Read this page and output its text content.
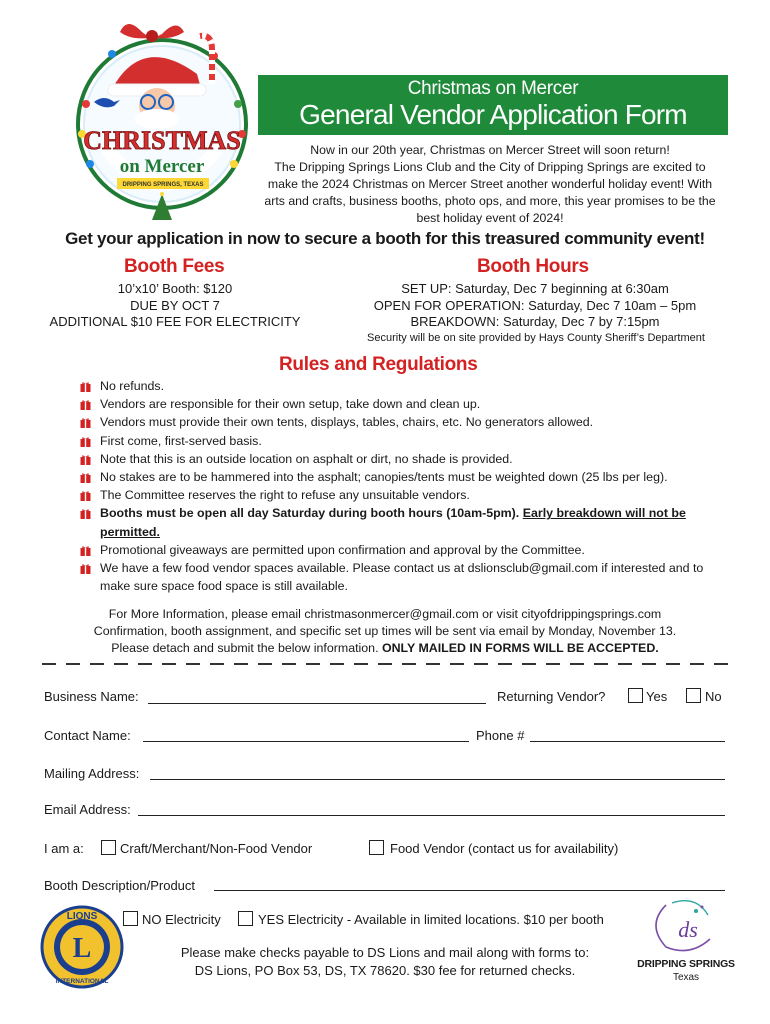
CHRISTMAS
on Mercer
DRIPPING SPRINGS, TEXAS
Christmas on Mercer
General Vendor Application Form
Now in our 20th year, Christmas on Mercer Street will soon return!
The Dripping Springs Lions Club and the City of Dripping Springs are excited to
make the 2024 Christmas on Mercer Street another wonderful holiday event! With
arts and crafts, business booths, photo ops, and more, this year promises to be the
best holiday event of 2024!
Get your application in now to secure a booth for this treasured community event!
Booth Fees	Booth Hours
10’x10’ Booth: $120
DUE BY OCT 7
ADDITIONAL $10 FEE FOR ELECTRICITY
SET UP: Saturday, Dec 7 beginning at 6:30am
OPEN FOR OPERATION: Saturday, Dec 7 10am – 5pm
BREAKDOWN: Saturday, Dec 7 by 7:15pm
Security will be on site provided by Hays County Sheriff’s Department
Rules and Regulations
No refunds.
Vendors are responsible for their own setup, take down and clean up.
Vendors must provide their own tents, displays, tables, chairs, etc. No generators allowed.
First come, first-served basis.
Note that this is an outside location on asphalt or dirt, no shade is provided.
No stakes are to be hammered into the asphalt; canopies/tents must be weighted down (25 lbs per leg).
The Committee reserves the right to refuse any unsuitable vendors.
Booths must be open all day Saturday during booth hours (10am-5pm). Early breakdown will not be permitted.
Promotional giveaways are permitted upon confirmation and approval by the Committee.
We have a few food vendor spaces available. Please contact us at dslionsclub@gmail.com if interested and to make sure space food space is still available.
For More Information, please email christmasonmercer@gmail.com or visit cityofdrippingsprings.com
Confirmation, booth assignment, and specific set up times will be sent via email by Monday, November 13.
Please detach and submit the below information. ONLY MAILED IN FORMS WILL BE ACCEPTED.
Business Name:	Returning Vendor?	Yes	No
Contact Name:	Phone #
Mailing Address:
Email Address:
I am a:	Craft/Merchant/Non-Food Vendor	Food Vendor (contact us for availability)
Booth Description/Product
NO Electricity	YES Electricity - Available in limited locations. $10 per booth
Please make checks payable to DS Lions and mail along with forms to:
DS Lions, PO Box 53, DS, TX 78620. $30 fee for returned checks.
L
LIONS
INTERNATIONAL
ds
DRIPPING SPRINGS
Texas
